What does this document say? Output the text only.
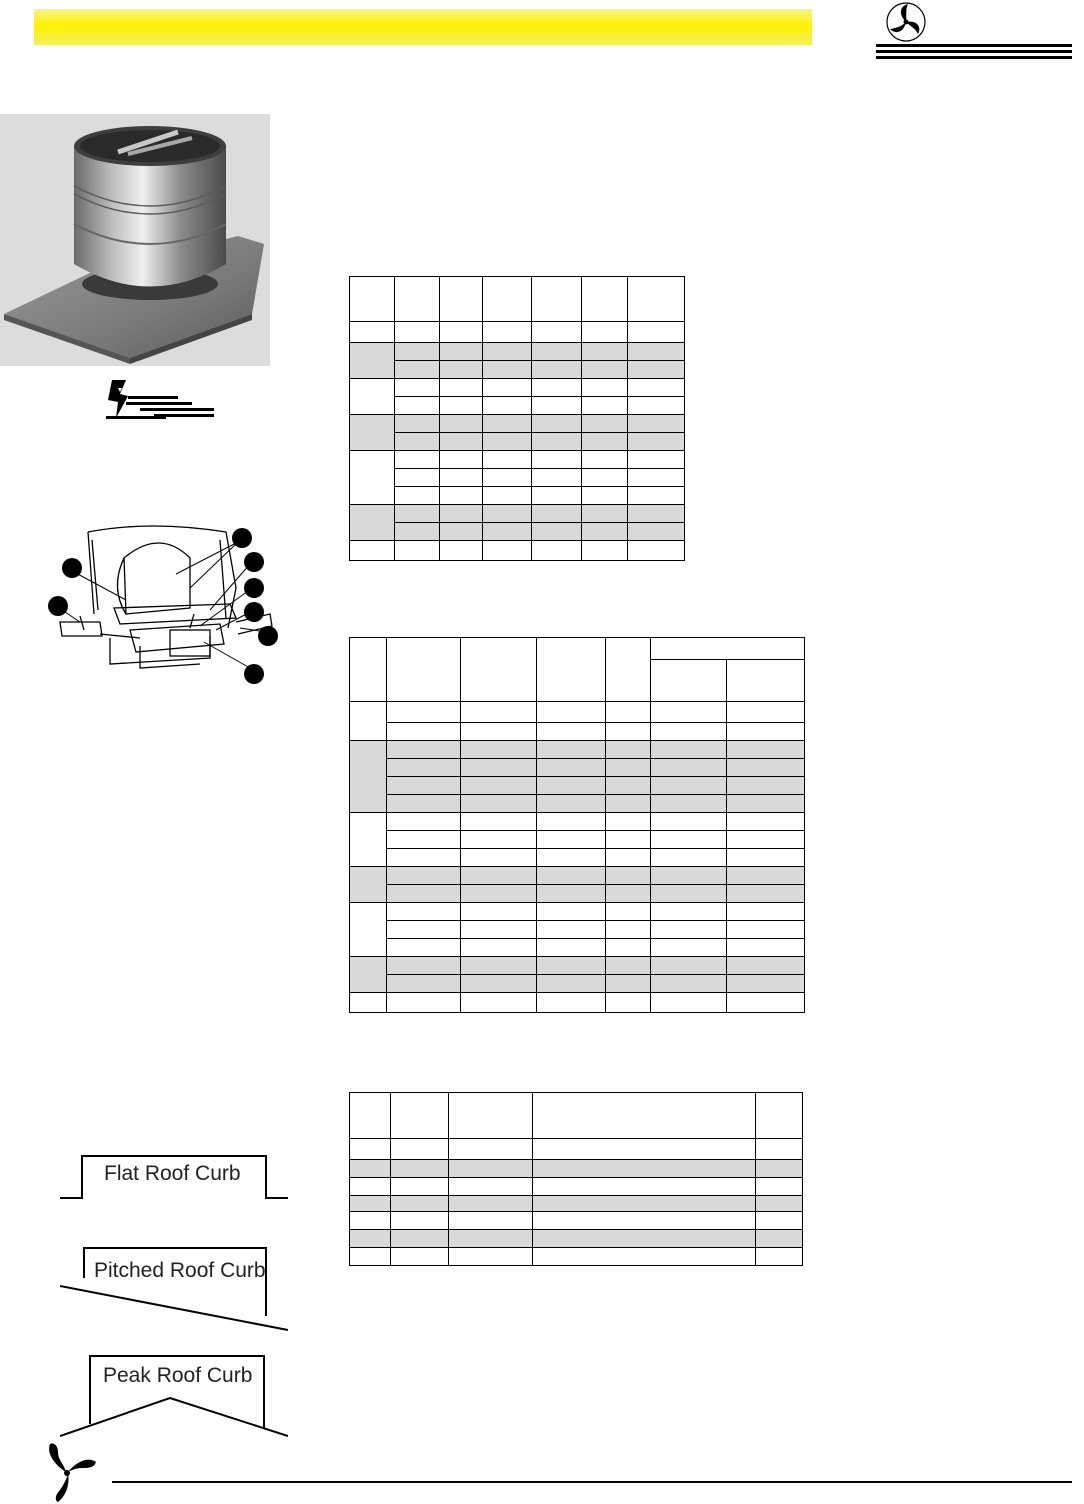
Flat Roof Curb
Pitched Roof Curb
Peak Roof Curb
